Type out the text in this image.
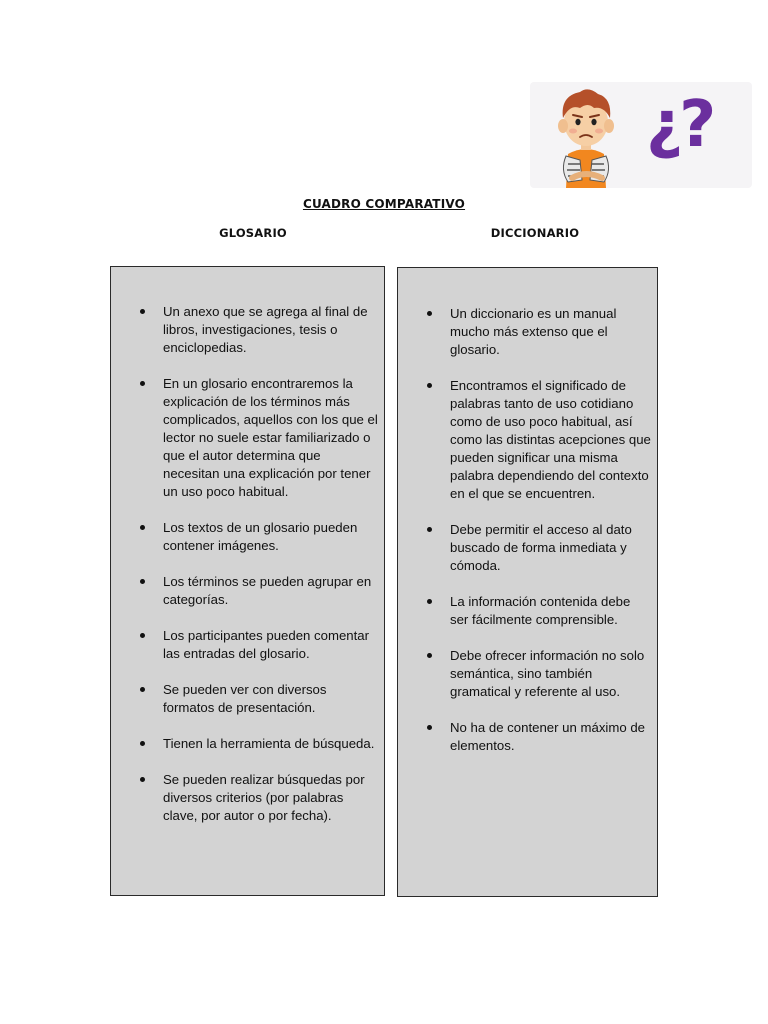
¿?
CUADRO COMPARATIVO
GLOSARIO	DICCIONARIO
Un anexo que se agrega al final de libros, investigaciones, tesis o enciclopedias.
En un glosario encontraremos la explicación de los términos más complicados, aquellos con los que el lector no suele estar familiarizado o que el autor determina que necesitan una explicación por tener un uso poco habitual.
Los textos de un glosario pueden contener imágenes.
Los términos se pueden agrupar en categorías.
Los participantes pueden comentar las entradas del glosario.
Se pueden ver con diversos formatos de presentación.
Tienen la herramienta de búsqueda.
Se pueden realizar búsquedas por diversos criterios (por palabras clave, por autor o por fecha).
Un diccionario es un manual mucho más extenso que el glosario.
Encontramos el significado de palabras tanto de uso cotidiano como de uso poco habitual, así como las distintas acepciones que pueden significar una misma palabra dependiendo del contexto en el que se encuentren.
Debe permitir el acceso al dato buscado de forma inmediata y cómoda.
La información contenida debe ser fácilmente comprensible.
Debe ofrecer información no solo semántica, sino también gramatical y referente al uso.
No ha de contener un máximo de elementos.
